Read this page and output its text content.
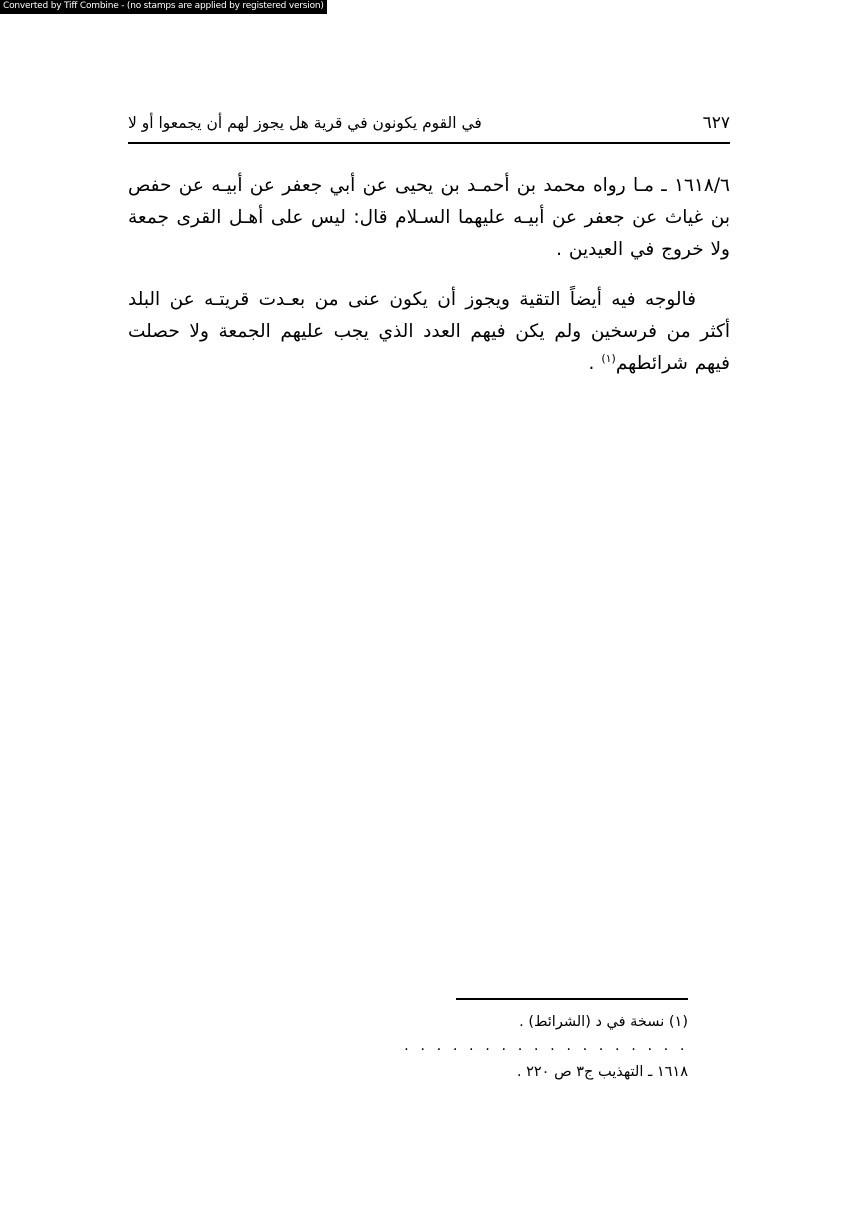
Converted by Tiff Combine - (no stamps are applied by registered version)
في القوم يكونون في قرية هل يجوز لهم أن يجمعوا أو لا	٦٢٧

١٦١٨/٦ ـ مـا رواه محمد بن أحمـد بن يحيى عن أبي جعفر عن أبيـه عن حفص بن غياث عن جعفر عن أبيـه عليهما السـلام قال: ليس على أهـل القرى جمعة ولا خروج في العيدين .

فالوجه فيه أيضاً التقية ويجوز أن يكون عنى من بعـدت قريتـه عن البلد أكثر من فرسخين ولم يكن فيهم العدد الذي يجب عليهم الجمعة ولا حصلت فيهم شرائطهم$^{(١)}$ .

(١) نسخة في د (الشرائط) .

. . . . . . . . . . . . . . . . . .

١٦١٨ ـ التهذيب ج٣ ص ٢٢٠ .
